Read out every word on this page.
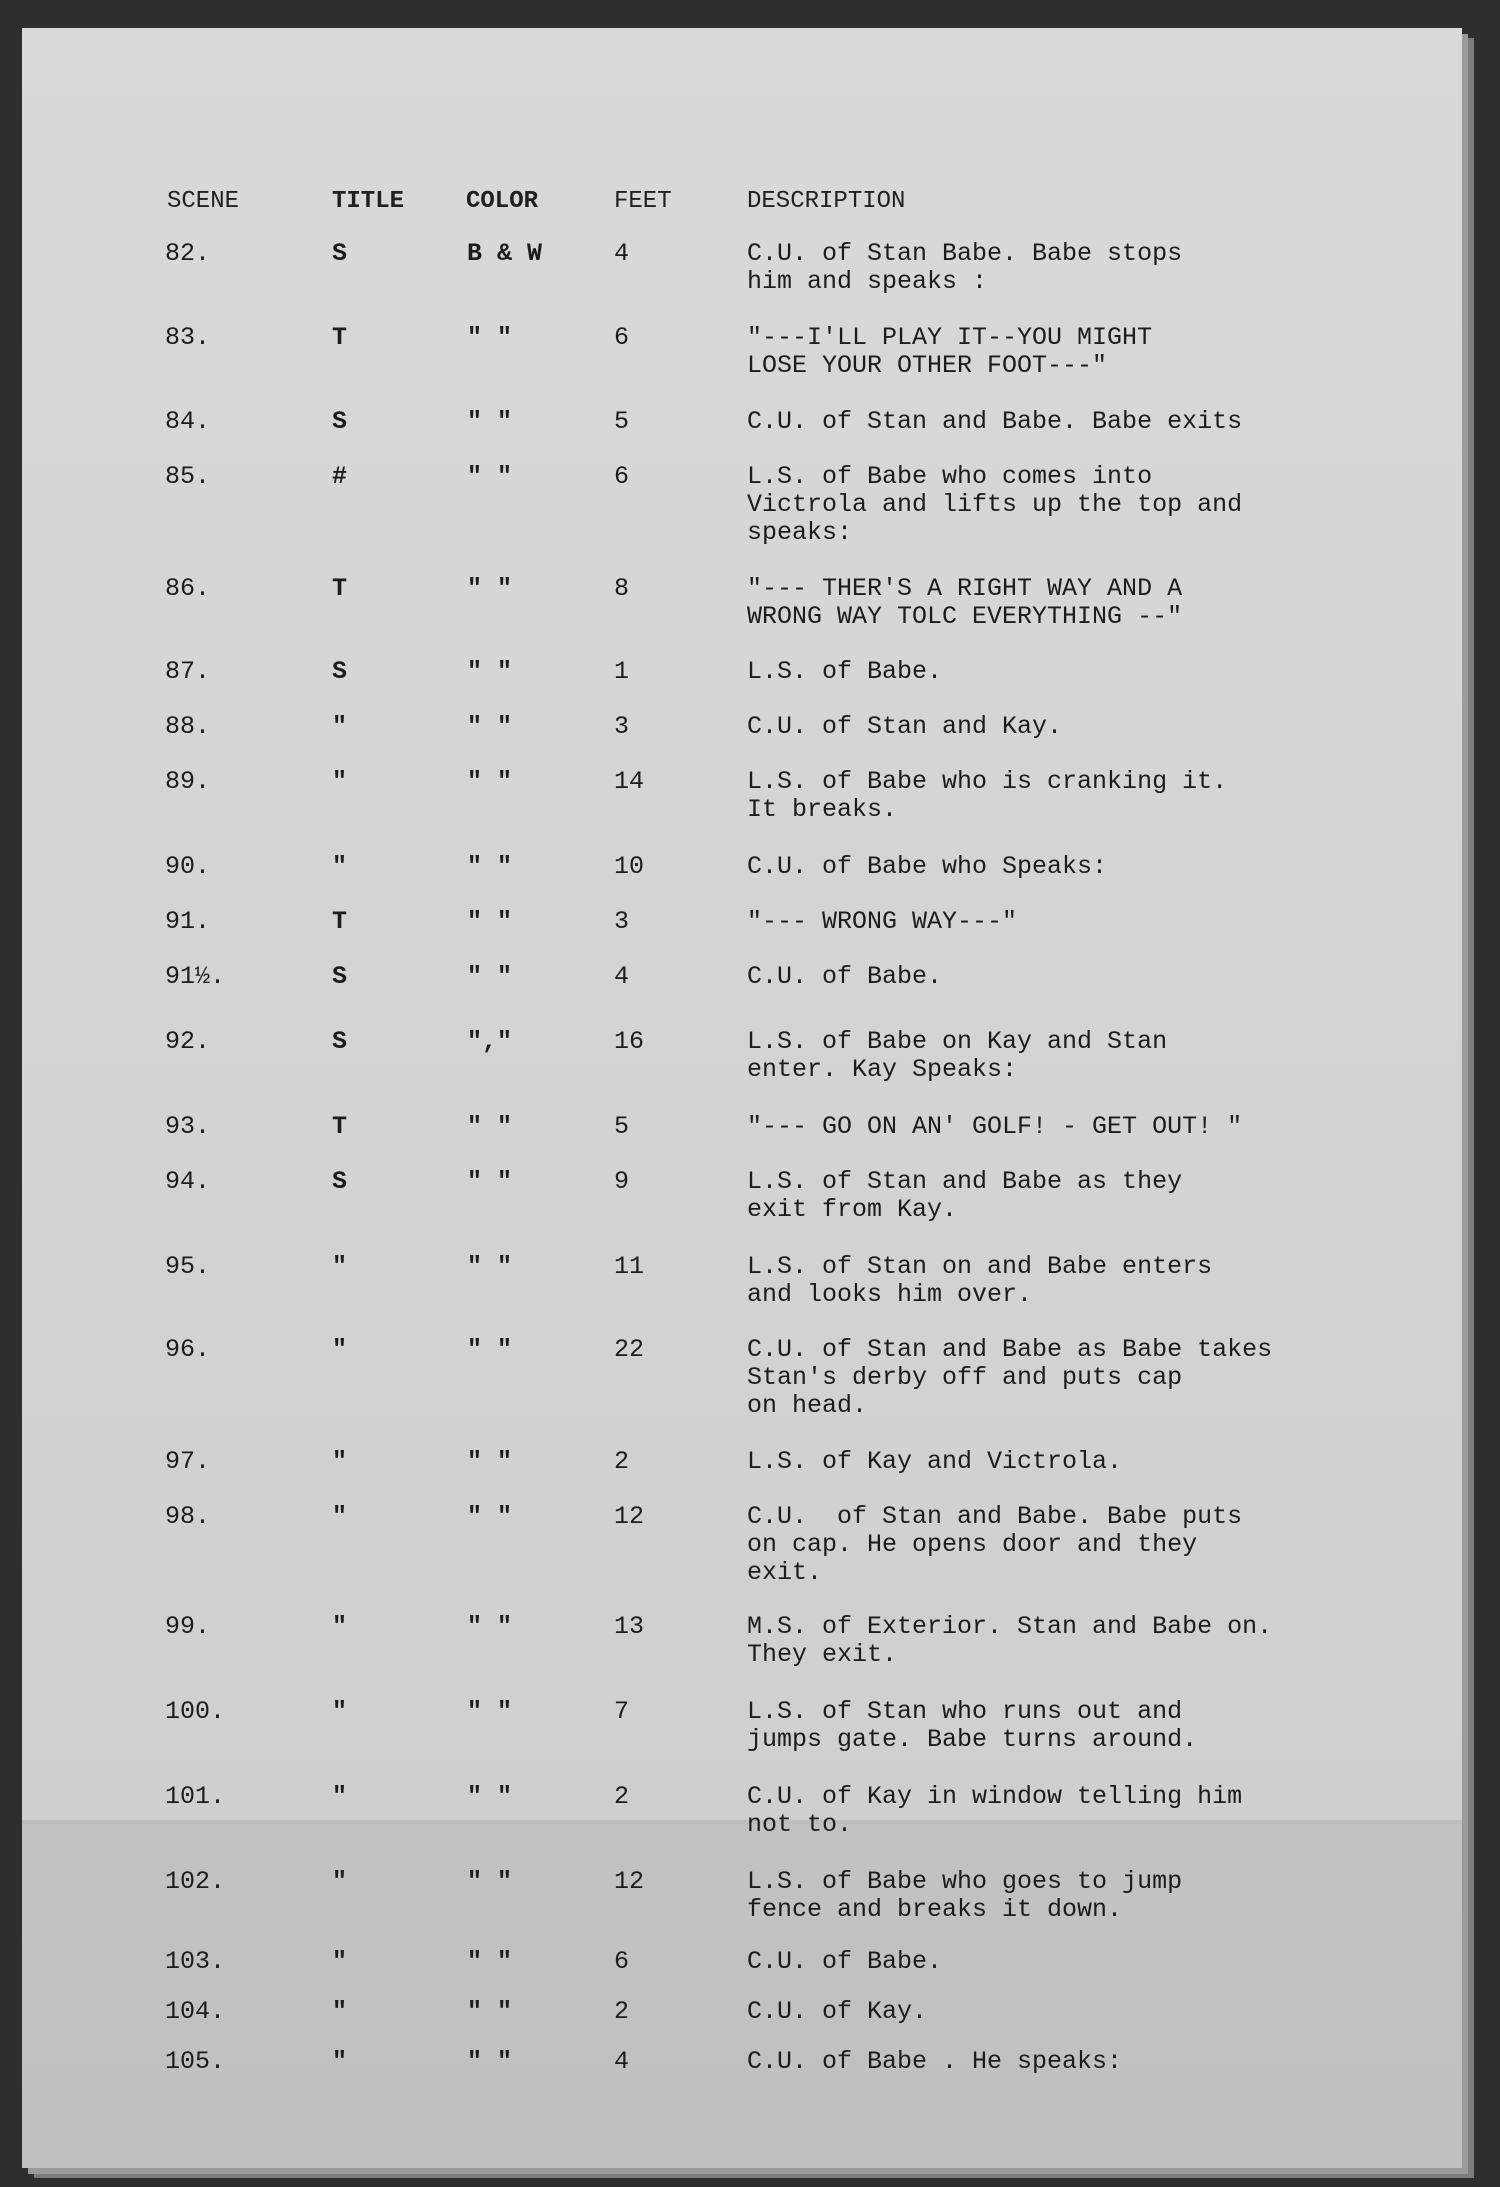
SCENE	TITLE	COLOR	FEET	DESCRIPTION
82.	S	B & W	4	C.U. of Stan Babe. Babe stops
him and speaks :
83.	T	" "	6	"---I'LL PLAY IT--YOU MIGHT
LOSE YOUR OTHER FOOT---"
84.	S	" "	5	C.U. of Stan and Babe. Babe exits
85.	#	" "	6	L.S. of Babe who comes into
Victrola and lifts up the top and
speaks:
86.	T	" "	8	"--- THER'S A RIGHT WAY AND A
WRONG WAY TOLC EVERYTHING --"
87.	S	" "	1	L.S. of Babe.
88.	"	" "	3	C.U. of Stan and Kay.
89.	"	" "	14	L.S. of Babe who is cranking it.
It breaks.
90.	"	" "	10	C.U. of Babe who Speaks:
91.	T	" "	3	"--- WRONG WAY---"
91½.	S	" "	4	C.U. of Babe.
92.	S	","	16	L.S. of Babe on Kay and Stan
enter. Kay Speaks:
93.	T	" "	5	"--- GO ON AN' GOLF! - GET OUT! "
94.	S	" "	9	L.S. of Stan and Babe as they
exit from Kay.
95.	"	" "	11	L.S. of Stan on and Babe enters
and looks him over.
96.	"	" "	22	C.U. of Stan and Babe as Babe takes
Stan's derby off and puts cap
on head.
97.	"	" "	2	L.S. of Kay and Victrola.
98.	"	" "	12	C.U.  of Stan and Babe. Babe puts
on cap. He opens door and they
exit.
99.	"	" "	13	M.S. of Exterior. Stan and Babe on.
They exit.
100.	"	" "	7	L.S. of Stan who runs out and
jumps gate. Babe turns around.
101.	"	" "	2	C.U. of Kay in window telling him
not to.
102.	"	" "	12	L.S. of Babe who goes to jump
fence and breaks it down.
103.	"	" "	6	C.U. of Babe.
104.	"	" "	2	C.U. of Kay.
105.	"	" "	4	C.U. of Babe . He speaks:
